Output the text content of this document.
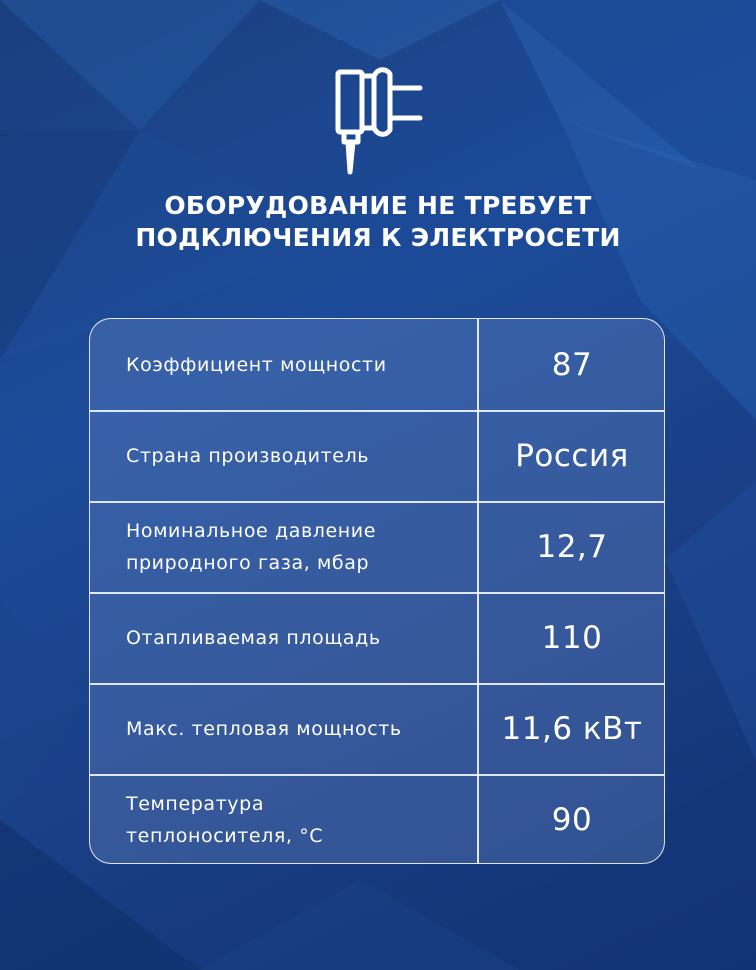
ОБОРУДОВАНИЕ НЕ ТРЕБУЕТ
ПОДКЛЮЧЕНИЯ К ЭЛЕКТРОСЕТИ
Коэффициент мощности	87
Страна производитель	Россия
Номинальное давление природного газа, мбар	12,7
Отапливаемая площадь	110
Макс. тепловая мощность	11,6 кВт
Температура теплоносителя, °C	90
